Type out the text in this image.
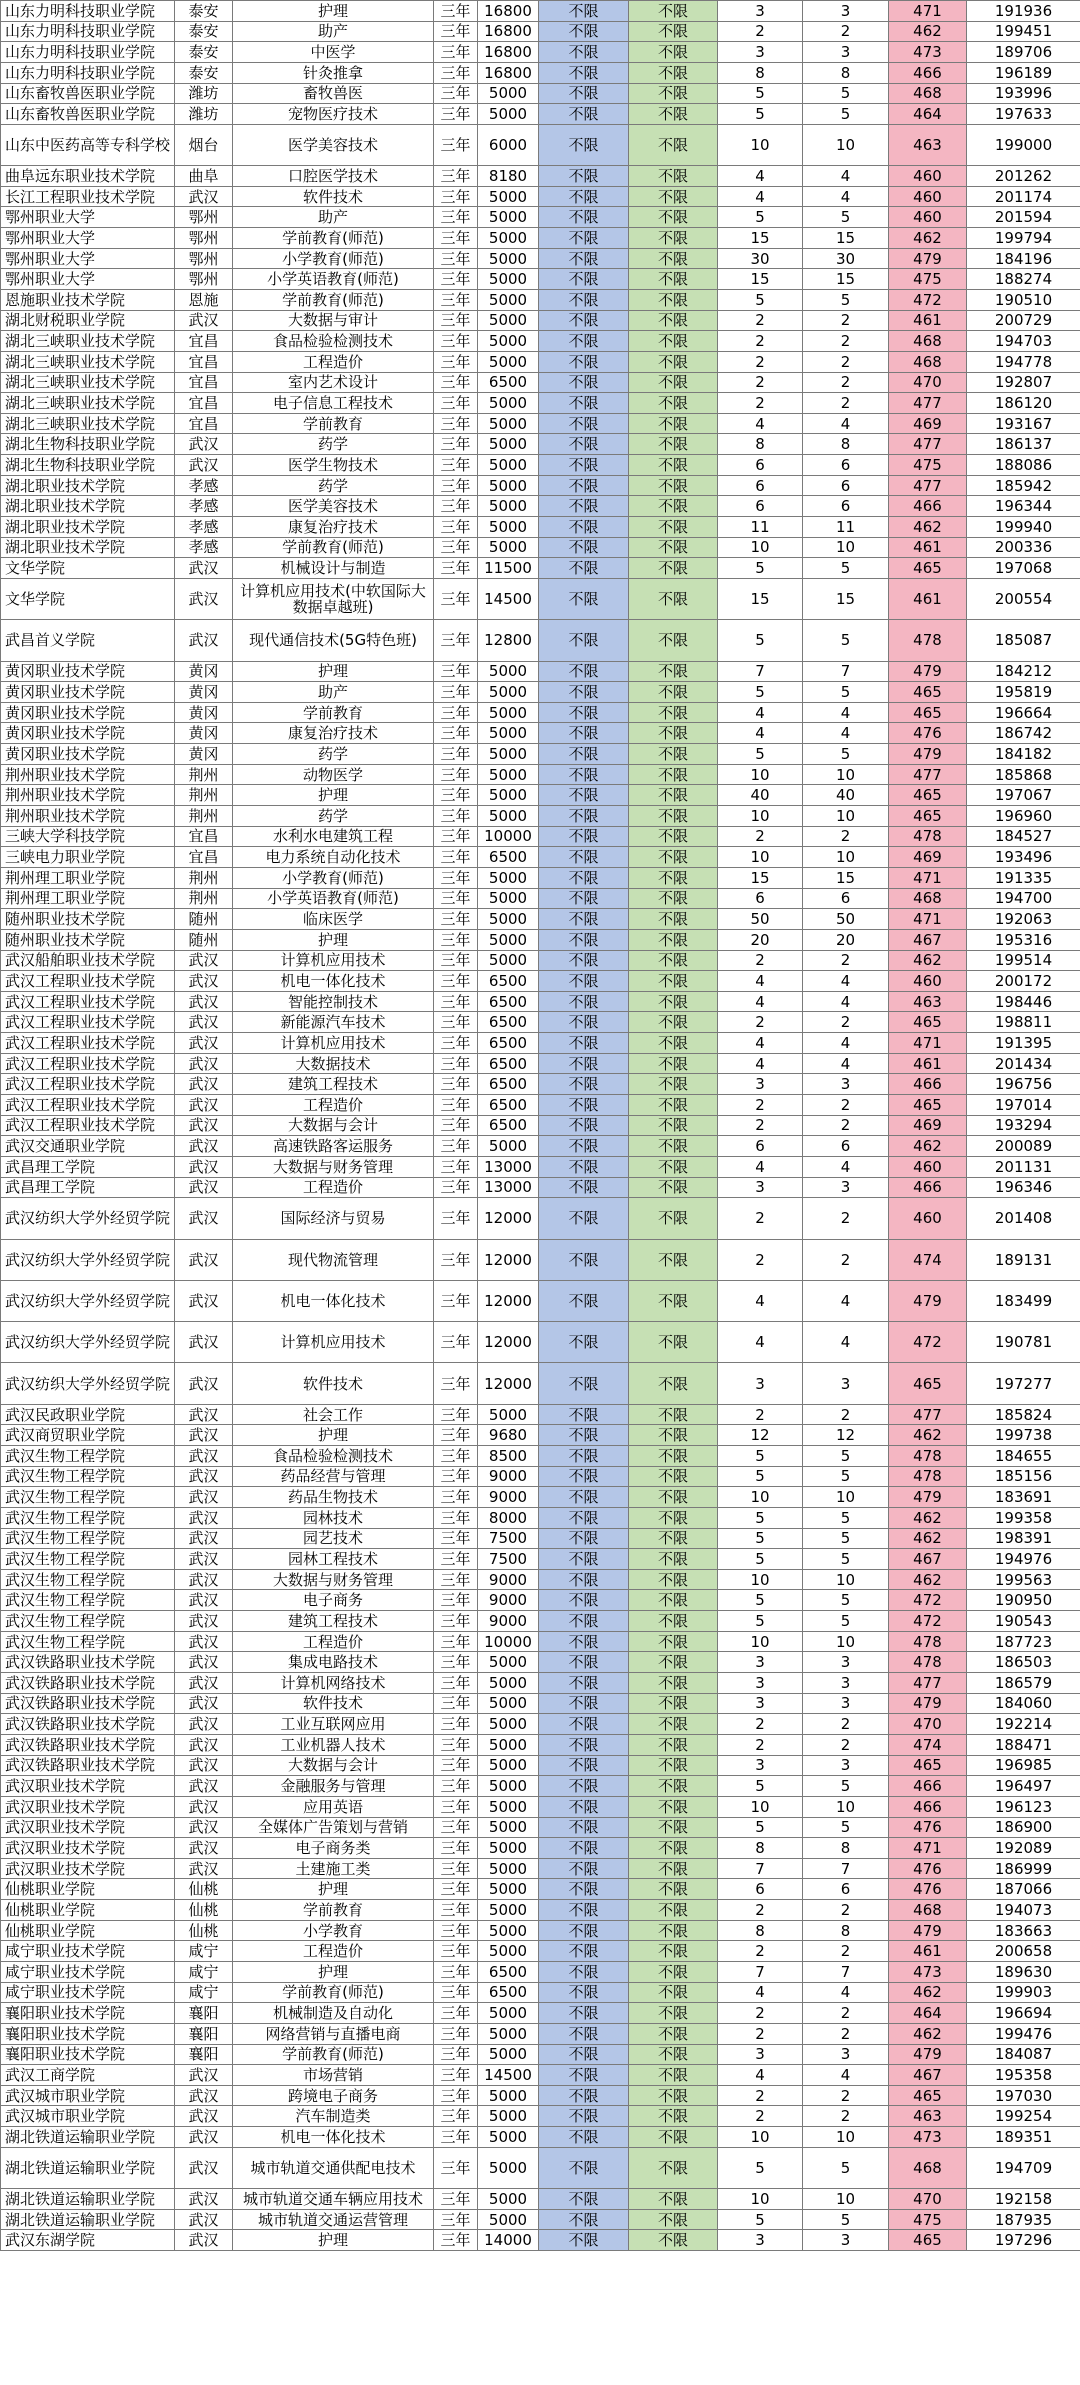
山东力明科技职业学院	泰安	护理	三年	16800	不限	不限	3	3	471	191936
山东力明科技职业学院	泰安	助产	三年	16800	不限	不限	2	2	462	199451
山东力明科技职业学院	泰安	中医学	三年	16800	不限	不限	3	3	473	189706
山东力明科技职业学院	泰安	针灸推拿	三年	16800	不限	不限	8	8	466	196189
山东畜牧兽医职业学院	潍坊	畜牧兽医	三年	5000	不限	不限	5	5	468	193996
山东畜牧兽医职业学院	潍坊	宠物医疗技术	三年	5000	不限	不限	5	5	464	197633
山东中医药高等专科学校	烟台	医学美容技术	三年	6000	不限	不限	10	10	463	199000
曲阜远东职业技术学院	曲阜	口腔医学技术	三年	8180	不限	不限	4	4	460	201262
长江工程职业技术学院	武汉	软件技术	三年	5000	不限	不限	4	4	460	201174
鄂州职业大学	鄂州	助产	三年	5000	不限	不限	5	5	460	201594
鄂州职业大学	鄂州	学前教育(师范)	三年	5000	不限	不限	15	15	462	199794
鄂州职业大学	鄂州	小学教育(师范)	三年	5000	不限	不限	30	30	479	184196
鄂州职业大学	鄂州	小学英语教育(师范)	三年	5000	不限	不限	15	15	475	188274
恩施职业技术学院	恩施	学前教育(师范)	三年	5000	不限	不限	5	5	472	190510
湖北财税职业学院	武汉	大数据与审计	三年	5000	不限	不限	2	2	461	200729
湖北三峡职业技术学院	宜昌	食品检验检测技术	三年	5000	不限	不限	2	2	468	194703
湖北三峡职业技术学院	宜昌	工程造价	三年	5000	不限	不限	2	2	468	194778
湖北三峡职业技术学院	宜昌	室内艺术设计	三年	6500	不限	不限	2	2	470	192807
湖北三峡职业技术学院	宜昌	电子信息工程技术	三年	5000	不限	不限	2	2	477	186120
湖北三峡职业技术学院	宜昌	学前教育	三年	5000	不限	不限	4	4	469	193167
湖北生物科技职业学院	武汉	药学	三年	5000	不限	不限	8	8	477	186137
湖北生物科技职业学院	武汉	医学生物技术	三年	5000	不限	不限	6	6	475	188086
湖北职业技术学院	孝感	药学	三年	5000	不限	不限	6	6	477	185942
湖北职业技术学院	孝感	医学美容技术	三年	5000	不限	不限	6	6	466	196344
湖北职业技术学院	孝感	康复治疗技术	三年	5000	不限	不限	11	11	462	199940
湖北职业技术学院	孝感	学前教育(师范)	三年	5000	不限	不限	10	10	461	200336
文华学院	武汉	机械设计与制造	三年	11500	不限	不限	5	5	465	197068
文华学院	武汉	计算机应用技术(中软国际大数据卓越班)	三年	14500	不限	不限	15	15	461	200554
武昌首义学院	武汉	现代通信技术(5G特色班)	三年	12800	不限	不限	5	5	478	185087
黄冈职业技术学院	黄冈	护理	三年	5000	不限	不限	7	7	479	184212
黄冈职业技术学院	黄冈	助产	三年	5000	不限	不限	5	5	465	195819
黄冈职业技术学院	黄冈	学前教育	三年	5000	不限	不限	4	4	465	196664
黄冈职业技术学院	黄冈	康复治疗技术	三年	5000	不限	不限	4	4	476	186742
黄冈职业技术学院	黄冈	药学	三年	5000	不限	不限	5	5	479	184182
荆州职业技术学院	荆州	动物医学	三年	5000	不限	不限	10	10	477	185868
荆州职业技术学院	荆州	护理	三年	5000	不限	不限	40	40	465	197067
荆州职业技术学院	荆州	药学	三年	5000	不限	不限	10	10	465	196960
三峡大学科技学院	宜昌	水利水电建筑工程	三年	10000	不限	不限	2	2	478	184527
三峡电力职业学院	宜昌	电力系统自动化技术	三年	6500	不限	不限	10	10	469	193496
荆州理工职业学院	荆州	小学教育(师范)	三年	5000	不限	不限	15	15	471	191335
荆州理工职业学院	荆州	小学英语教育(师范)	三年	5000	不限	不限	6	6	468	194700
随州职业技术学院	随州	临床医学	三年	5000	不限	不限	50	50	471	192063
随州职业技术学院	随州	护理	三年	5000	不限	不限	20	20	467	195316
武汉船舶职业技术学院	武汉	计算机应用技术	三年	5000	不限	不限	2	2	462	199514
武汉工程职业技术学院	武汉	机电一体化技术	三年	6500	不限	不限	4	4	460	200172
武汉工程职业技术学院	武汉	智能控制技术	三年	6500	不限	不限	4	4	463	198446
武汉工程职业技术学院	武汉	新能源汽车技术	三年	6500	不限	不限	2	2	465	198811
武汉工程职业技术学院	武汉	计算机应用技术	三年	6500	不限	不限	4	4	471	191395
武汉工程职业技术学院	武汉	大数据技术	三年	6500	不限	不限	4	4	461	201434
武汉工程职业技术学院	武汉	建筑工程技术	三年	6500	不限	不限	3	3	466	196756
武汉工程职业技术学院	武汉	工程造价	三年	6500	不限	不限	2	2	465	197014
武汉工程职业技术学院	武汉	大数据与会计	三年	6500	不限	不限	2	2	469	193294
武汉交通职业学院	武汉	高速铁路客运服务	三年	5000	不限	不限	6	6	462	200089
武昌理工学院	武汉	大数据与财务管理	三年	13000	不限	不限	4	4	460	201131
武昌理工学院	武汉	工程造价	三年	13000	不限	不限	3	3	466	196346
武汉纺织大学外经贸学院	武汉	国际经济与贸易	三年	12000	不限	不限	2	2	460	201408
武汉纺织大学外经贸学院	武汉	现代物流管理	三年	12000	不限	不限	2	2	474	189131
武汉纺织大学外经贸学院	武汉	机电一体化技术	三年	12000	不限	不限	4	4	479	183499
武汉纺织大学外经贸学院	武汉	计算机应用技术	三年	12000	不限	不限	4	4	472	190781
武汉纺织大学外经贸学院	武汉	软件技术	三年	12000	不限	不限	3	3	465	197277
武汉民政职业学院	武汉	社会工作	三年	5000	不限	不限	2	2	477	185824
武汉商贸职业学院	武汉	护理	三年	9680	不限	不限	12	12	462	199738
武汉生物工程学院	武汉	食品检验检测技术	三年	8500	不限	不限	5	5	478	184655
武汉生物工程学院	武汉	药品经营与管理	三年	9000	不限	不限	5	5	478	185156
武汉生物工程学院	武汉	药品生物技术	三年	9000	不限	不限	10	10	479	183691
武汉生物工程学院	武汉	园林技术	三年	8000	不限	不限	5	5	462	199358
武汉生物工程学院	武汉	园艺技术	三年	7500	不限	不限	5	5	462	198391
武汉生物工程学院	武汉	园林工程技术	三年	7500	不限	不限	5	5	467	194976
武汉生物工程学院	武汉	大数据与财务管理	三年	9000	不限	不限	10	10	462	199563
武汉生物工程学院	武汉	电子商务	三年	9000	不限	不限	5	5	472	190950
武汉生物工程学院	武汉	建筑工程技术	三年	9000	不限	不限	5	5	472	190543
武汉生物工程学院	武汉	工程造价	三年	10000	不限	不限	10	10	478	187723
武汉铁路职业技术学院	武汉	集成电路技术	三年	5000	不限	不限	3	3	478	186503
武汉铁路职业技术学院	武汉	计算机网络技术	三年	5000	不限	不限	3	3	477	186579
武汉铁路职业技术学院	武汉	软件技术	三年	5000	不限	不限	3	3	479	184060
武汉铁路职业技术学院	武汉	工业互联网应用	三年	5000	不限	不限	2	2	470	192214
武汉铁路职业技术学院	武汉	工业机器人技术	三年	5000	不限	不限	2	2	474	188471
武汉铁路职业技术学院	武汉	大数据与会计	三年	5000	不限	不限	3	3	465	196985
武汉职业技术学院	武汉	金融服务与管理	三年	5000	不限	不限	5	5	466	196497
武汉职业技术学院	武汉	应用英语	三年	5000	不限	不限	10	10	466	196123
武汉职业技术学院	武汉	全媒体广告策划与营销	三年	5000	不限	不限	5	5	476	186900
武汉职业技术学院	武汉	电子商务类	三年	5000	不限	不限	8	8	471	192089
武汉职业技术学院	武汉	土建施工类	三年	5000	不限	不限	7	7	476	186999
仙桃职业学院	仙桃	护理	三年	5000	不限	不限	6	6	476	187066
仙桃职业学院	仙桃	学前教育	三年	5000	不限	不限	2	2	468	194073
仙桃职业学院	仙桃	小学教育	三年	5000	不限	不限	8	8	479	183663
咸宁职业技术学院	咸宁	工程造价	三年	5000	不限	不限	2	2	461	200658
咸宁职业技术学院	咸宁	护理	三年	6500	不限	不限	7	7	473	189630
咸宁职业技术学院	咸宁	学前教育(师范)	三年	6500	不限	不限	4	4	462	199903
襄阳职业技术学院	襄阳	机械制造及自动化	三年	5000	不限	不限	2	2	464	196694
襄阳职业技术学院	襄阳	网络营销与直播电商	三年	5000	不限	不限	2	2	462	199476
襄阳职业技术学院	襄阳	学前教育(师范)	三年	5000	不限	不限	3	3	479	184087
武汉工商学院	武汉	市场营销	三年	14500	不限	不限	4	4	467	195358
武汉城市职业学院	武汉	跨境电子商务	三年	5000	不限	不限	2	2	465	197030
武汉城市职业学院	武汉	汽车制造类	三年	5000	不限	不限	2	2	463	199254
湖北铁道运输职业学院	武汉	机电一体化技术	三年	5000	不限	不限	10	10	473	189351
湖北铁道运输职业学院	武汉	城市轨道交通供配电技术	三年	5000	不限	不限	5	5	468	194709
湖北铁道运输职业学院	武汉	城市轨道交通车辆应用技术	三年	5000	不限	不限	10	10	470	192158
湖北铁道运输职业学院	武汉	城市轨道交通运营管理	三年	5000	不限	不限	5	5	475	187935
武汉东湖学院	武汉	护理	三年	14000	不限	不限	3	3	465	197296
